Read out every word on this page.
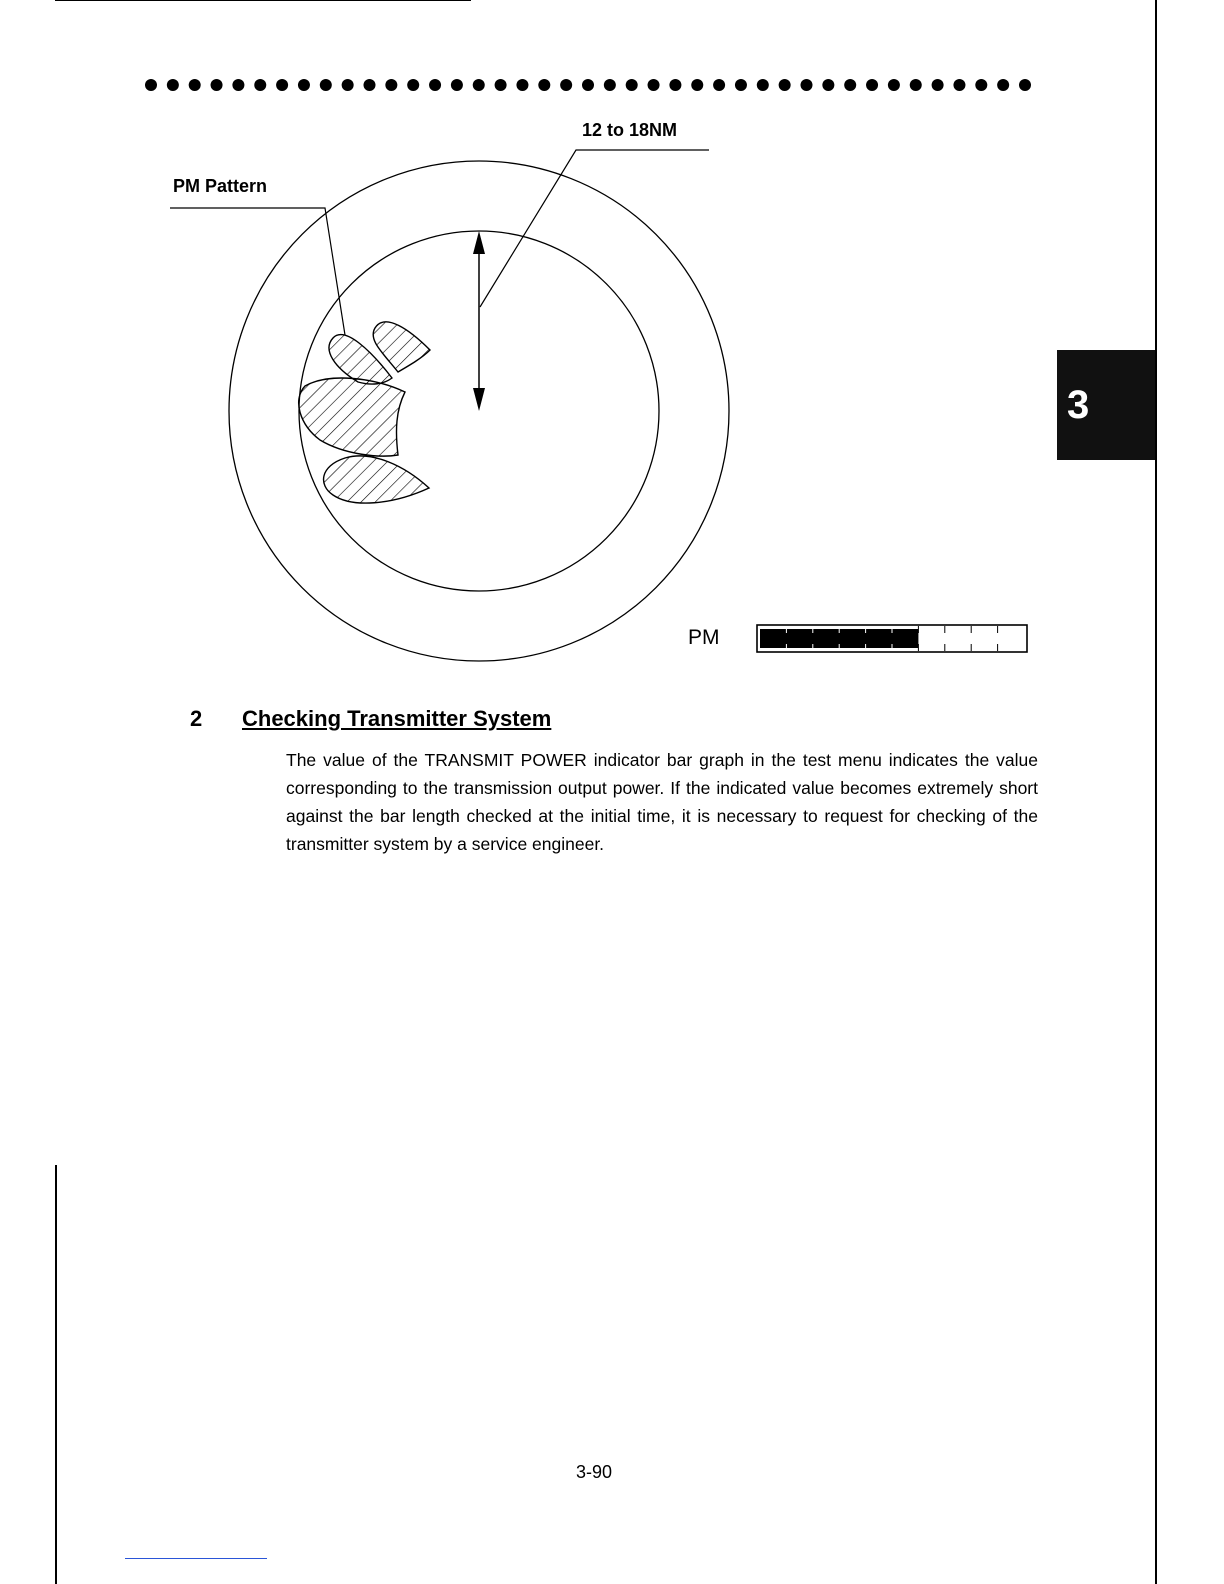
3
12 to 18NM
PM Pattern
PM
2 Checking Transmitter System
The value of the TRANSMIT POWER indicator bar graph in the test menu indicates the value corresponding to the transmission output power. If the indicated value becomes extremely short against the bar length checked at the initial time, it is necessary to request for checking of the transmitter system by a service engineer.
3-90
